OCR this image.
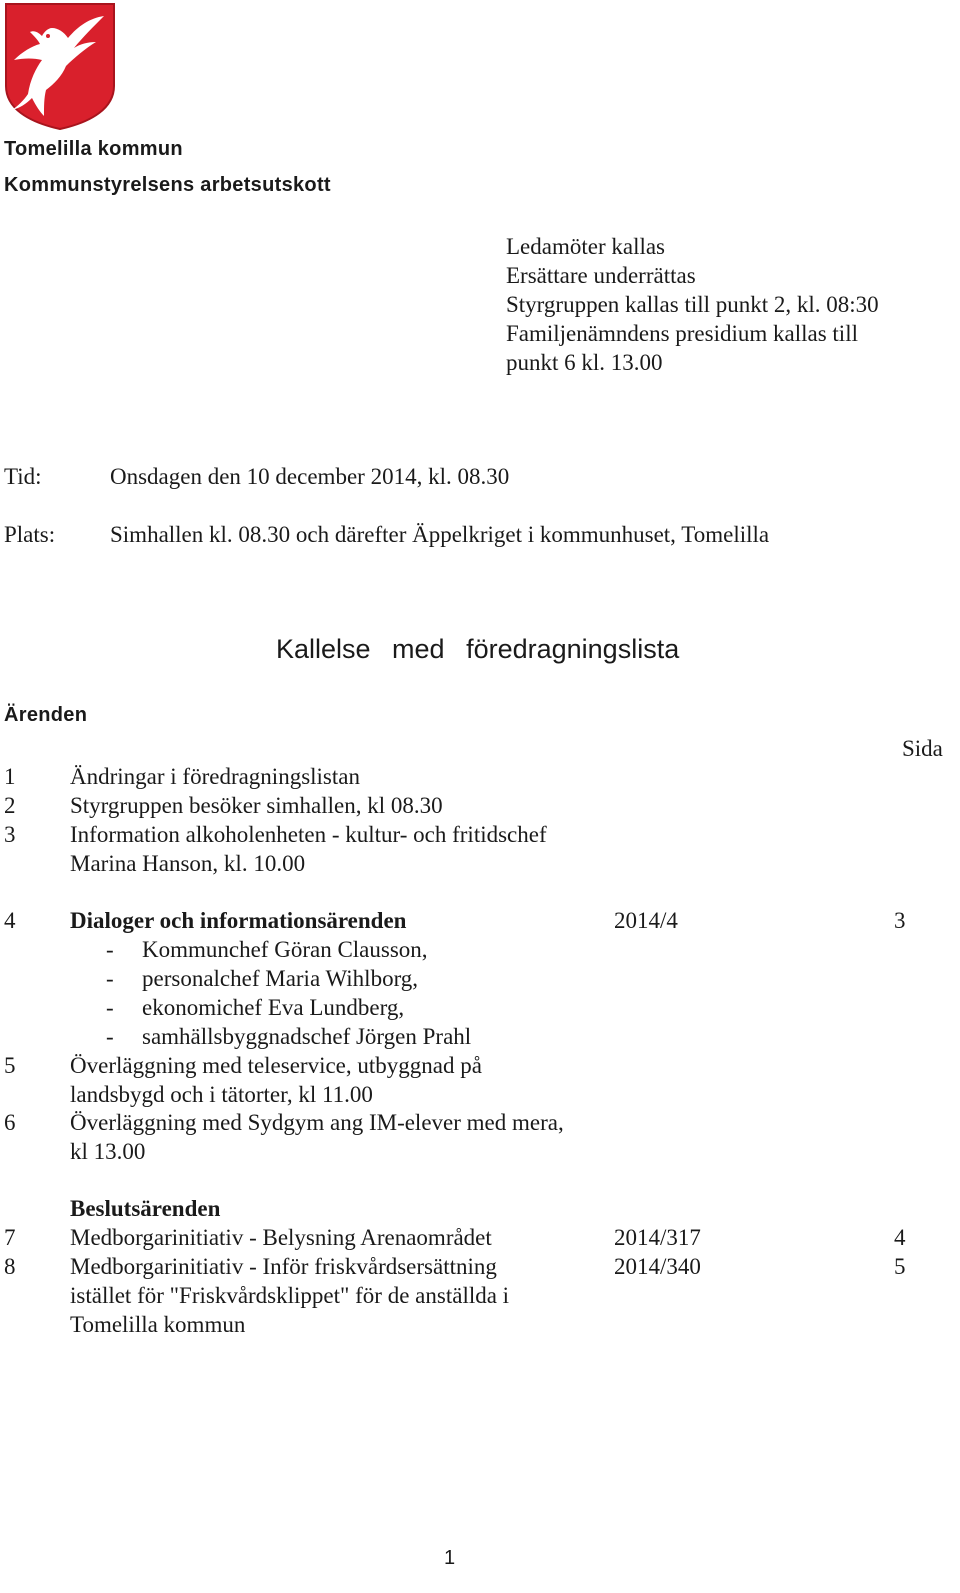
Tomelilla kommun
Kommunstyrelsens arbetsutskott
Ledamöter kallas
Ersättare underrättas
Styrgruppen kallas till punkt 2, kl. 08:30
Familjenämndens presidium kallas till
punkt 6 kl. 13.00
Tid:	Onsdagen den 10 december 2014, kl. 08.30
Plats: Simhallen kl. 08.30 och därefter Äppelkriget i kommunhuset, Tomelilla
Kallelse med föredragningslista
Ärenden
Sida
1	Ändringar i föredragningslistan
2	Styrgruppen besöker simhallen, kl 08.30
3	Information alkoholenheten - kultur- och fritidschef
Marina Hanson, kl. 10.00
4	Dialoger och informationsärenden	2014/4	3
- Kommunchef Göran Clausson,
- personalchef Maria Wihlborg,
- ekonomichef Eva Lundberg,
- samhällsbyggnadschef Jörgen Prahl
5	Överläggning med teleservice, utbyggnad på
landsbygd och i tätorter, kl 11.00
6	Överläggning med Sydgym ang IM-elever med mera,
kl 13.00
Beslutsärenden
7	Medborgarinitiativ - Belysning Arenaområdet	2014/317	4
8	Medborgarinitiativ - Inför friskvårdsersättning
istället för "Friskvårdsklippet" för de anställda i
Tomelilla kommun
2014/340	5
1
